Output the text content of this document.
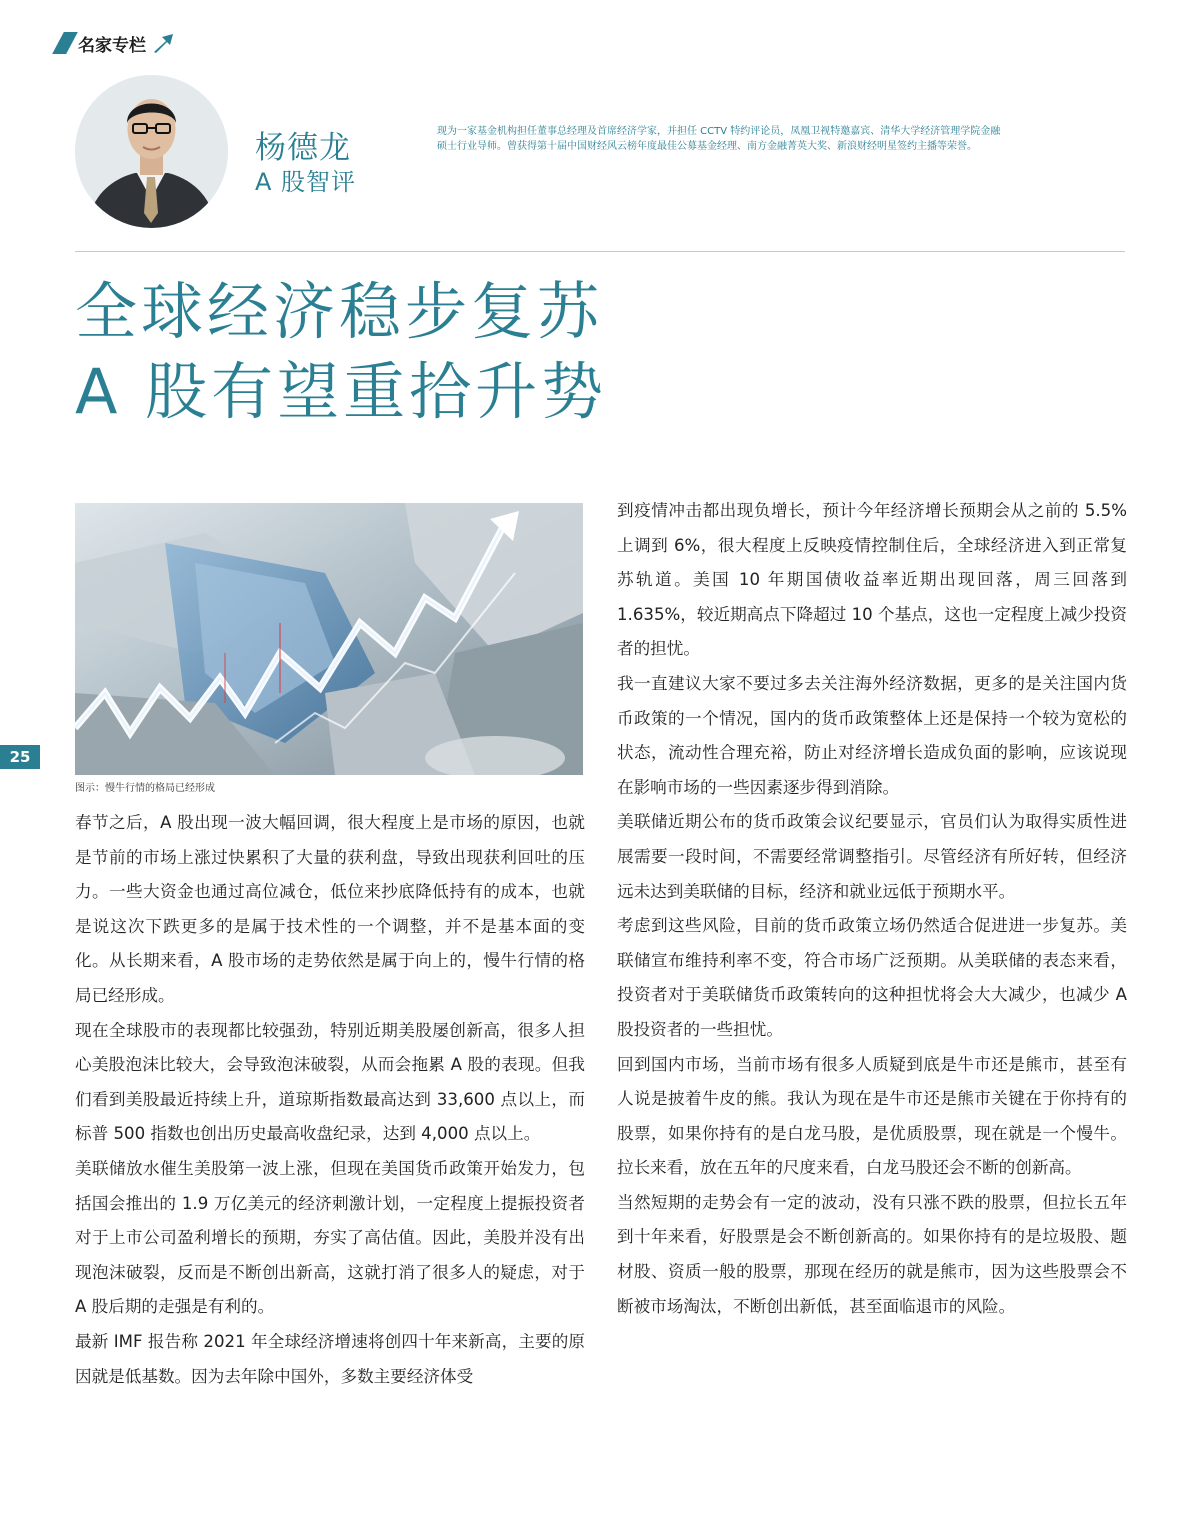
名家专栏
杨德龙
A 股智评
现为一家基金机构担任董事总经理及首席经济学家，并担任 CCTV 特约评论员，凤凰卫视特邀嘉宾、清华大学经济管理学院金融硕士行业导师。曾获得第十届中国财经风云榜年度最佳公募基金经理、南方金融菁英大奖、新浪财经明星签约主播等荣誉。
全球经济稳步复苏
A 股有望重拾升势
图示：慢牛行情的格局已经形成
25

春节之后，A 股出现一波大幅回调，很大程度上是市场的原因，也就是节前的市场上涨过快累积了大量的获利盘，导致出现获利回吐的压力。一些大资金也通过高位减仓，低位来抄底降低持有的成本，也就是说这次下跌更多的是属于技术性的一个调整，并不是基本面的变化。从长期来看，A 股市场的走势依然是属于向上的，慢牛行情的格局已经形成。

现在全球股市的表现都比较强劲，特别近期美股屡创新高，很多人担心美股泡沫比较大，会导致泡沫破裂，从而会拖累 A 股的表现。但我们看到美股最近持续上升，道琼斯指数最高达到 33,600 点以上，而标普 500 指数也创出历史最高收盘纪录，达到 4,000 点以上。

美联储放水催生美股第一波上涨，但现在美国货币政策开始发力，包括国会推出的 1.9 万亿美元的经济刺激计划，一定程度上提振投资者对于上市公司盈利增长的预期，夯实了高估值。因此，美股并没有出现泡沫破裂，反而是不断创出新高，这就打消了很多人的疑虑，对于 A 股后期的走强是有利的。

最新 IMF 报告称 2021 年全球经济增速将创四十年来新高，主要的原因就是低基数。因为去年除中国外，多数主要经济体受

到疫情冲击都出现负增长，预计今年经济增长预期会从之前的 5.5% 上调到 6%，很大程度上反映疫情控制住后，全球经济进入到正常复苏轨道。美国 10 年期国债收益率近期出现回落，周三回落到 1.635%，较近期高点下降超过 10 个基点，这也一定程度上减少投资者的担忧。

我一直建议大家不要过多去关注海外经济数据，更多的是关注国内货币政策的一个情况，国内的货币政策整体上还是保持一个较为宽松的状态，流动性合理充裕，防止对经济增长造成负面的影响，应该说现在影响市场的一些因素逐步得到消除。

美联储近期公布的货币政策会议纪要显示，官员们认为取得实质性进展需要一段时间，不需要经常调整指引。尽管经济有所好转，但经济远未达到美联储的目标，经济和就业远低于预期水平。

考虑到这些风险，目前的货币政策立场仍然适合促进进一步复苏。美联储宣布维持利率不变，符合市场广泛预期。从美联储的表态来看，投资者对于美联储货币政策转向的这种担忧将会大大减少，也减少 A 股投资者的一些担忧。

回到国内市场，当前市场有很多人质疑到底是牛市还是熊市，甚至有人说是披着牛皮的熊。我认为现在是牛市还是熊市关键在于你持有的股票，如果你持有的是白龙马股，是优质股票，现在就是一个慢牛。拉长来看，放在五年的尺度来看，白龙马股还会不断的创新高。

当然短期的走势会有一定的波动，没有只涨不跌的股票，但拉长五年到十年来看，好股票是会不断创新高的。如果你持有的是垃圾股、题材股、资质一般的股票，那现在经历的就是熊市，因为这些股票会不断被市场淘汰，不断创出新低，甚至面临退市的风险。
